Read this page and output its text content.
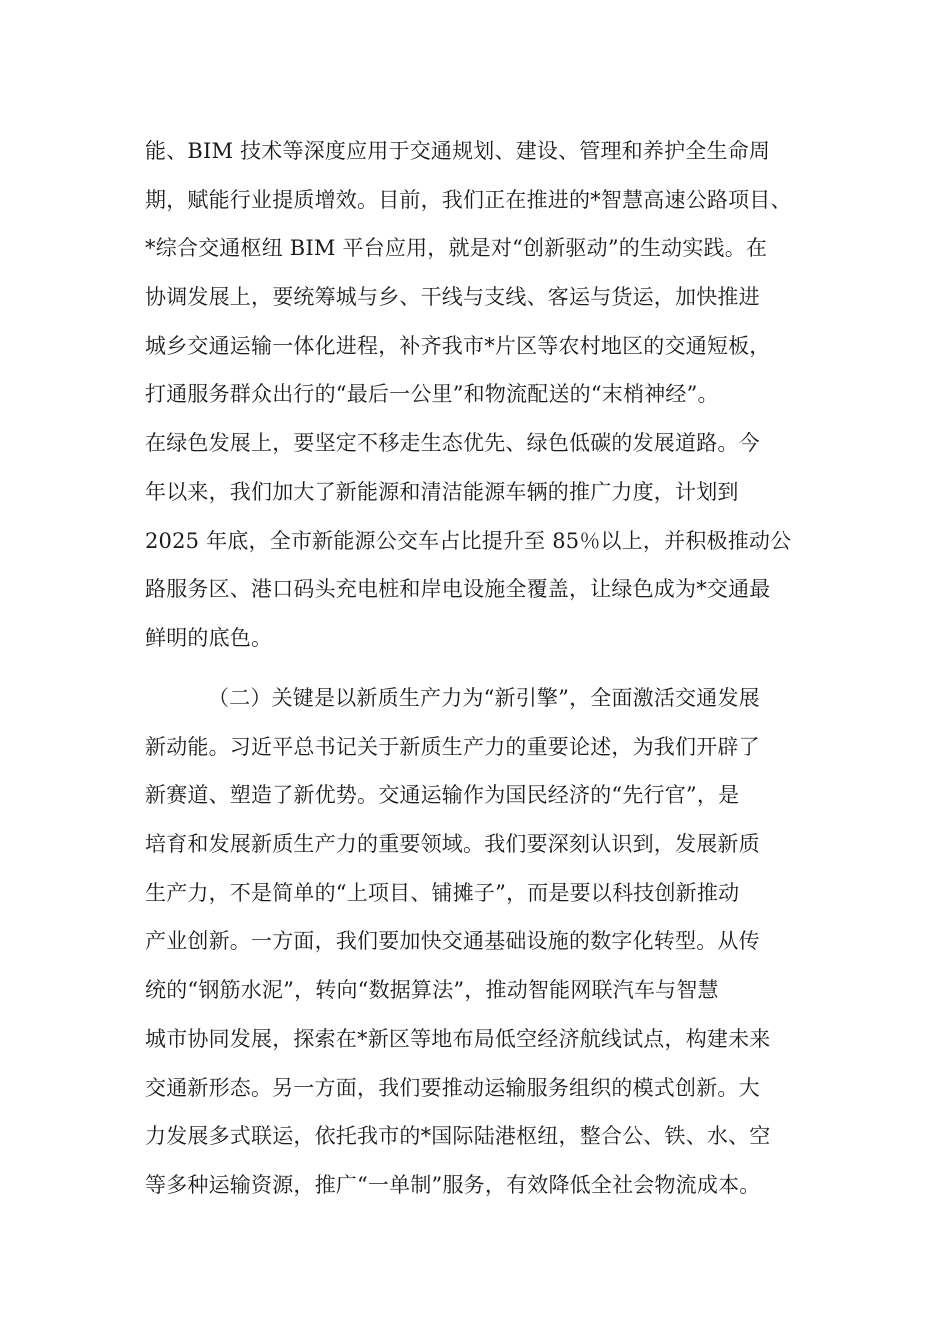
能、BIM 技术等深度应用于交通规划、建设、管理和养护全生命周
期，赋能行业提质增效。目前，我们正在推进的*智慧高速公路项目、
*综合交通枢纽 BIM 平台应用，就是对“创新驱动”的生动实践。在
协调发展上，要统筹城与乡、干线与支线、客运与货运，加快推进
城乡交通运输一体化进程，补齐我市*片区等农村地区的交通短板，
打通服务群众出行的“最后一公里”和物流配送的“末梢神经”。
在绿色发展上，要坚定不移走生态优先、绿色低碳的发展道路。今
年以来，我们加大了新能源和清洁能源车辆的推广力度，计划到
2025 年底，全市新能源公交车占比提升至 85％以上，并积极推动公
路服务区、港口码头充电桩和岸电设施全覆盖，让绿色成为*交通最
鲜明的底色。
（二）关键是以新质生产力为“新引擎”，全面激活交通发展
新动能。习近平总书记关于新质生产力的重要论述，为我们开辟了
新赛道、塑造了新优势。交通运输作为国民经济的“先行官”，是
培育和发展新质生产力的重要领域。我们要深刻认识到，发展新质
生产力，不是简单的“上项目、铺摊子”，而是要以科技创新推动
产业创新。一方面，我们要加快交通基础设施的数字化转型。从传
统的“钢筋水泥”，转向“数据算法”，推动智能网联汽车与智慧
城市协同发展，探索在*新区等地布局低空经济航线试点，构建未来
交通新形态。另一方面，我们要推动运输服务组织的模式创新。大
力发展多式联运，依托我市的*国际陆港枢纽，整合公、铁、水、空
等多种运输资源，推广“一单制”服务，有效降低全社会物流成本。
